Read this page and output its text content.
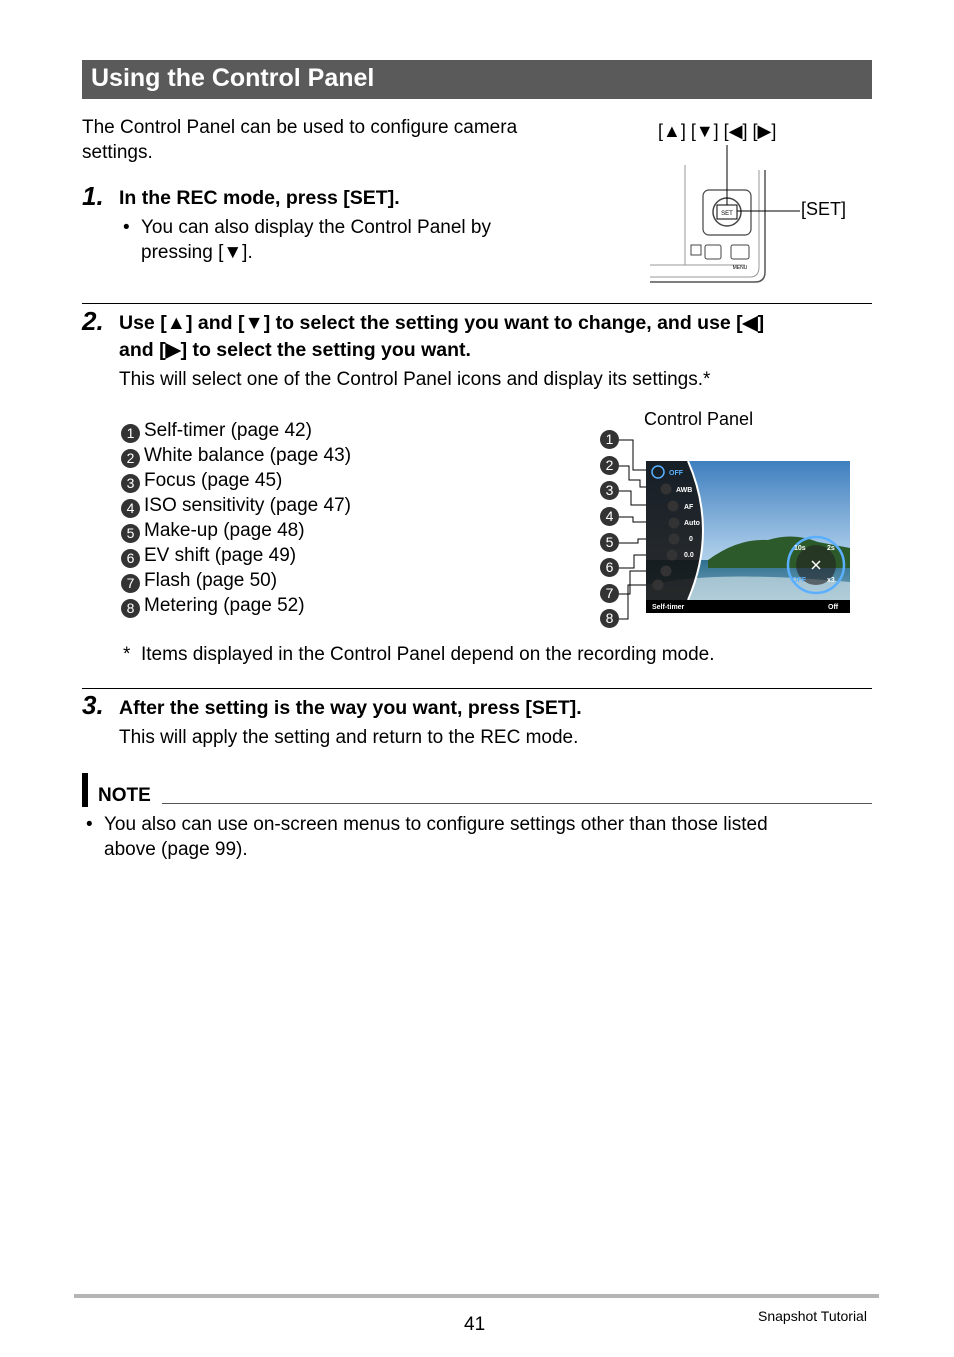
Using the Control Panel
The Control Panel can be used to configure camera
settings.
[▲] [▼] [◀] [▶]
[SET]
SET
MENU
1. In the REC mode, press [SET].
• You can also display the Control Panel by
pressing [▼].
2. Use [▲] and [▼] to select the setting you want to change, and use [◀]
and [▶] to select the setting you want.
This will select one of the Control Panel icons and display its settings.*
1 Self-timer (page 42)
2 White balance (page 43)
3 Focus (page 45)
4 ISO sensitivity (page 47)
5 Make-up (page 48)
6 EV shift (page 49)
7 Flash (page 50)
8 Metering (page 52)
Control Panel
1
2
3
4
5
6
7
8
OFF
AWB
AF
Auto
0
0.0
Self-timer	Off
10s	2s
OFF	x3
* Items displayed in the Control Panel depend on the recording mode.
3. After the setting is the way you want, press [SET].
This will apply the setting and return to the REC mode.
NOTE
• You also can use on-screen menus to configure settings other than those listed
above (page 99).
41	Snapshot Tutorial
